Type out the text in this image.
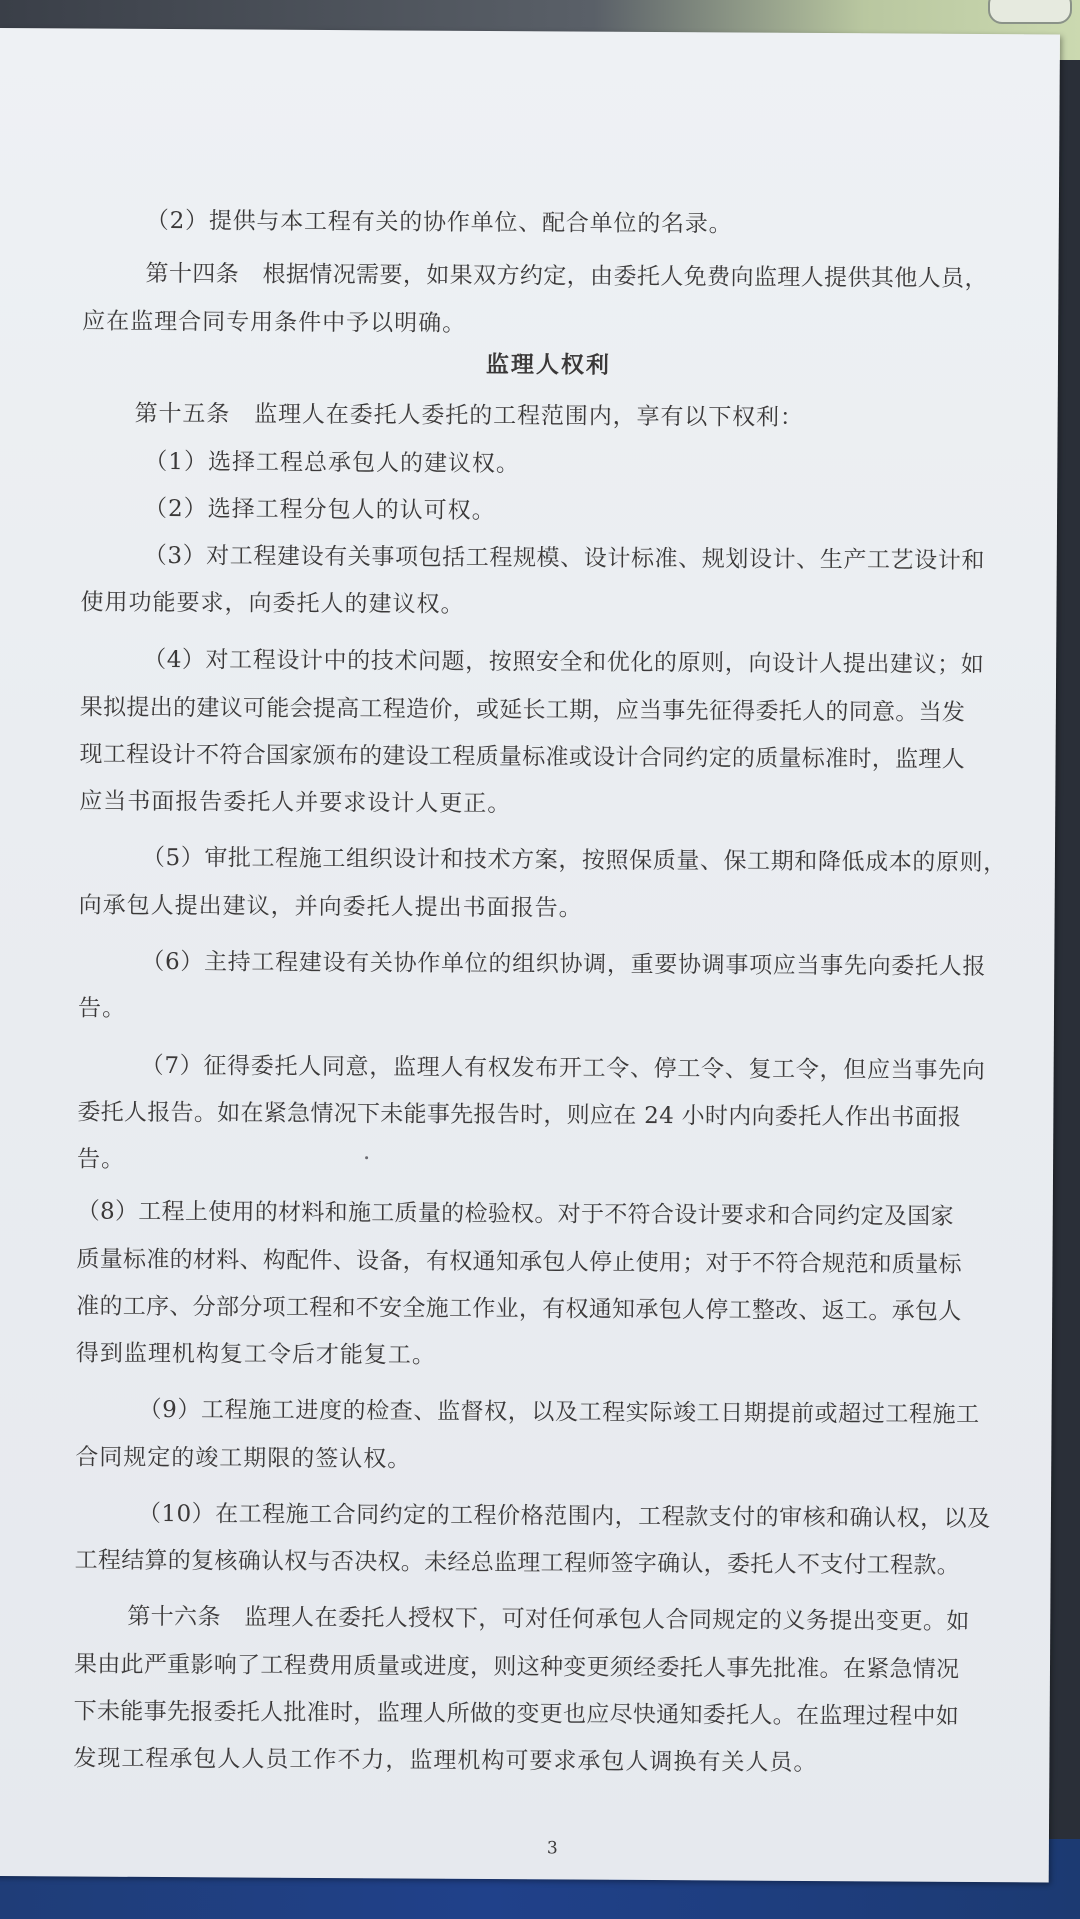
（2）提供与本工程有关的协作单位、配合单位的名录。
第十四条　根据情况需要，如果双方约定，由委托人免费向监理人提供其他人员，
应在监理合同专用条件中予以明确。
监理人权利
第十五条　监理人在委托人委托的工程范围内，享有以下权利：
（1）选择工程总承包人的建议权。
（2）选择工程分包人的认可权。
（3）对工程建设有关事项包括工程规模、设计标准、规划设计、生产工艺设计和
使用功能要求，向委托人的建议权。
（4）对工程设计中的技术问题，按照安全和优化的原则，向设计人提出建议；如
果拟提出的建议可能会提高工程造价，或延长工期，应当事先征得委托人的同意。当发
现工程设计不符合国家颁布的建设工程质量标准或设计合同约定的质量标准时，监理人
应当书面报告委托人并要求设计人更正。
（5）审批工程施工组织设计和技术方案，按照保质量、保工期和降低成本的原则，
向承包人提出建议，并向委托人提出书面报告。
（6）主持工程建设有关协作单位的组织协调，重要协调事项应当事先向委托人报
告。
（7）征得委托人同意，监理人有权发布开工令、停工令、复工令，但应当事先向
委托人报告。如在紧急情况下未能事先报告时，则应在 24 小时内向委托人作出书面报
告。
（8）工程上使用的材料和施工质量的检验权。对于不符合设计要求和合同约定及国家
质量标准的材料、构配件、设备，有权通知承包人停止使用；对于不符合规范和质量标
准的工序、分部分项工程和不安全施工作业，有权通知承包人停工整改、返工。承包人
得到监理机构复工令后才能复工。
（9）工程施工进度的检查、监督权，以及工程实际竣工日期提前或超过工程施工
合同规定的竣工期限的签认权。
（10）在工程施工合同约定的工程价格范围内，工程款支付的审核和确认权，以及
工程结算的复核确认权与否决权。未经总监理工程师签字确认，委托人不支付工程款。
第十六条　监理人在委托人授权下，可对任何承包人合同规定的义务提出变更。如
果由此严重影响了工程费用质量或进度，则这种变更须经委托人事先批准。在紧急情况
下未能事先报委托人批准时，监理人所做的变更也应尽快通知委托人。在监理过程中如
发现工程承包人人员工作不力，监理机构可要求承包人调换有关人员。
3
